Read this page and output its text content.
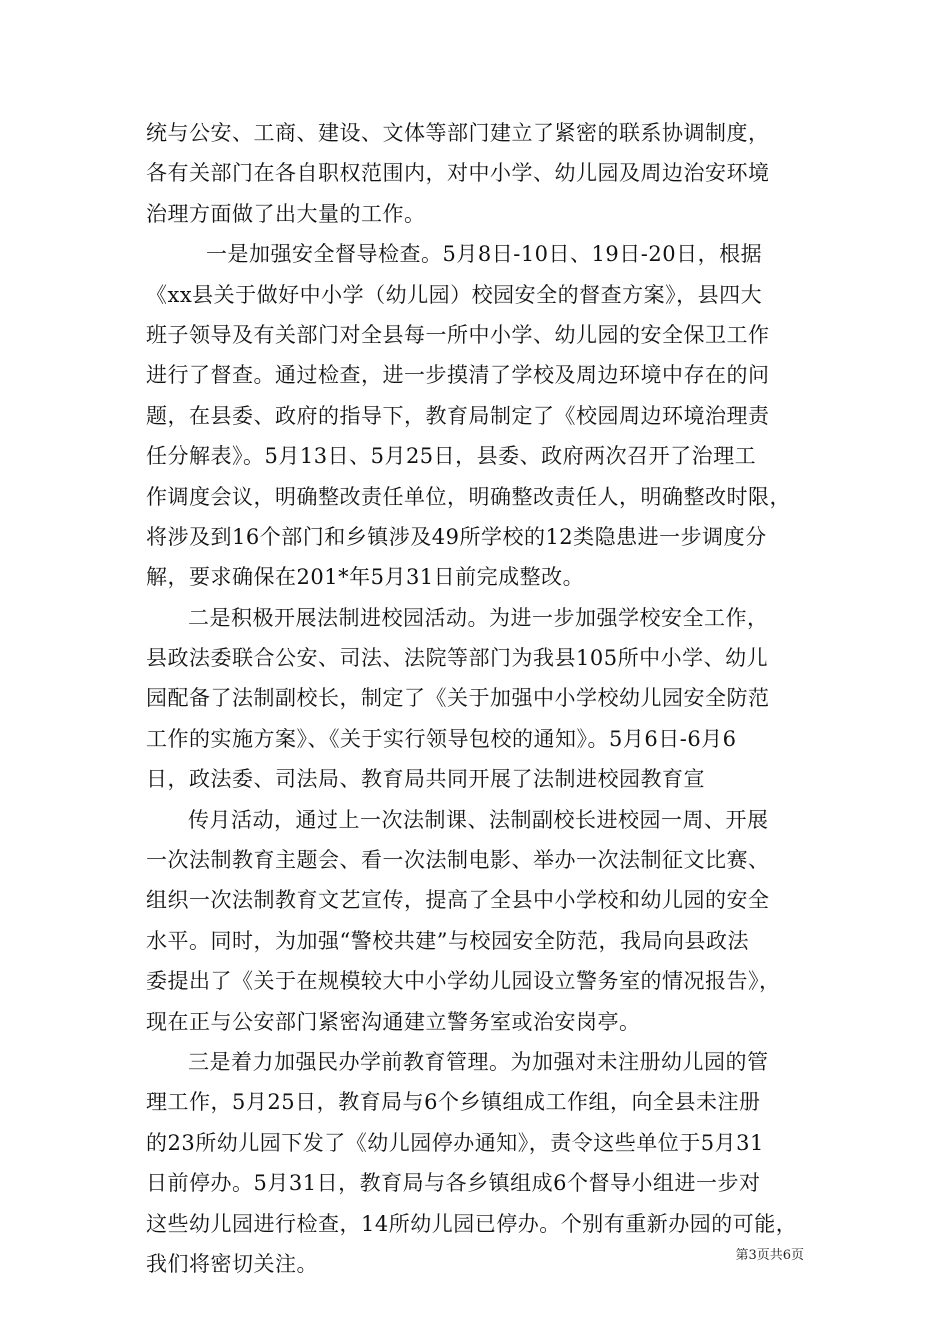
统与公安、工商、建设、文体等部门建立了紧密的联系协调制度，
各有关部门在各自职权范围内，对中小学、幼儿园及周边治安环境
治理方面做了出大量的工作。
一是加强安全督导检查。5月8日-10日、19日-20日，根据
《xx县关于做好中小学（幼儿园）校园安全的督查方案》，县四大
班子领导及有关部门对全县每一所中小学、幼儿园的安全保卫工作
进行了督查。通过检查，进一步摸清了学校及周边环境中存在的问
题，在县委、政府的指导下，教育局制定了《校园周边环境治理责
任分解表》。5月13日、5月25日，县委、政府两次召开了治理工
作调度会议，明确整改责任单位，明确整改责任人，明确整改时限，
将涉及到16个部门和乡镇涉及49所学校的12类隐患进一步调度分
解，要求确保在201*年5月31日前完成整改。
二是积极开展法制进校园活动。为进一步加强学校安全工作，
县政法委联合公安、司法、法院等部门为我县105所中小学、幼儿
园配备了法制副校长，制定了《关于加强中小学校幼儿园安全防范
工作的实施方案》、《关于实行领导包校的通知》。5月6日-6月6
日，政法委、司法局、教育局共同开展了法制进校园教育宣
传月活动，通过上一次法制课、法制副校长进校园一周、开展
一次法制教育主题会、看一次法制电影、举办一次法制征文比赛、
组织一次法制教育文艺宣传，提高了全县中小学校和幼儿园的安全
水平。同时，为加强“警校共建”与校园安全防范，我局向县政法
委提出了《关于在规模较大中小学幼儿园设立警务室的情况报告》，
现在正与公安部门紧密沟通建立警务室或治安岗亭。
三是着力加强民办学前教育管理。为加强对未注册幼儿园的管
理工作，5月25日，教育局与6个乡镇组成工作组，向全县未注册
的23所幼儿园下发了《幼儿园停办通知》，责令这些单位于5月31
日前停办。5月31日，教育局与各乡镇组成6个督导小组进一步对
这些幼儿园进行检查，14所幼儿园已停办。个别有重新办园的可能，
我们将密切关注。	第3页共6页
